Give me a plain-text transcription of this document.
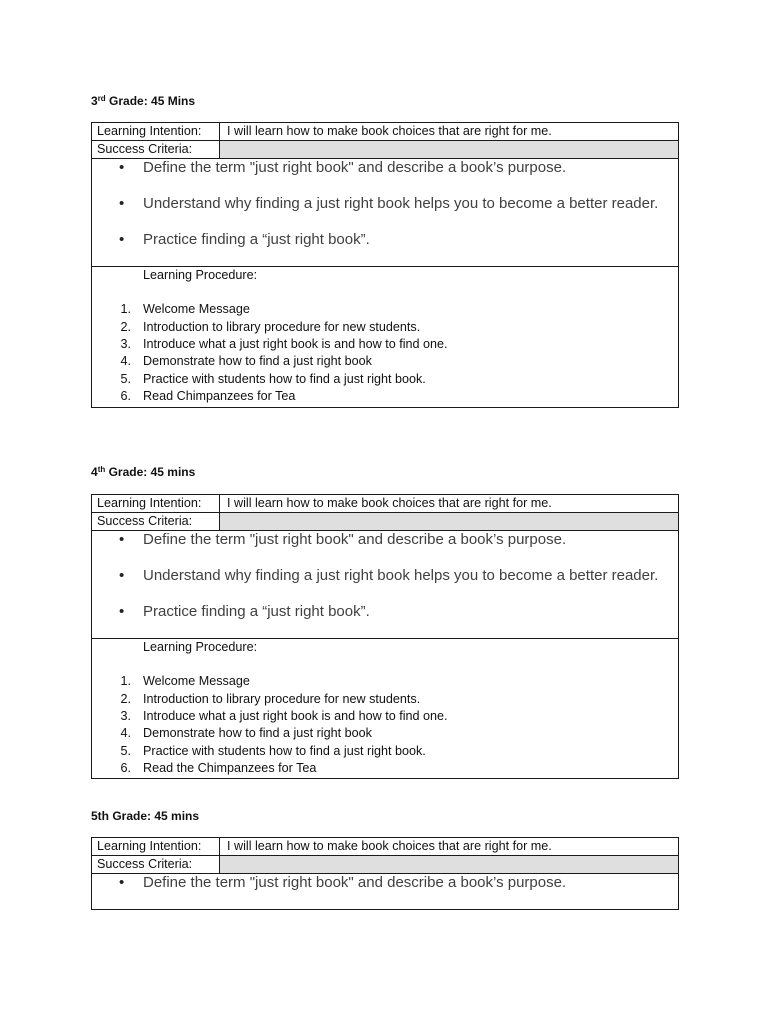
3rd Grade: 45 Mins
Learning Intention:	I will learn how to make book choices that are right for me.
Success Criteria:
• Define the term "just right book" and describe a book’s purpose.
• Understand why finding a just right book helps you to become a better reader.
• Practice finding a “just right book”.
Learning Procedure:
1. Welcome Message
2. Introduction to library procedure for new students.
3. Introduce what a just right book is and how to find one.
4. Demonstrate how to find a just right book
5. Practice with students how to find a just right book.
6. Read Chimpanzees for Tea
4th Grade: 45 mins
Learning Intention:	I will learn how to make book choices that are right for me.
Success Criteria:
• Define the term "just right book" and describe a book’s purpose.
• Understand why finding a just right book helps you to become a better reader.
• Practice finding a “just right book”.
Learning Procedure:
1. Welcome Message
2. Introduction to library procedure for new students.
3. Introduce what a just right book is and how to find one.
4. Demonstrate how to find a just right book
5. Practice with students how to find a just right book.
6. Read the Chimpanzees for Tea
5th Grade: 45 mins
Learning Intention:	I will learn how to make book choices that are right for me.
Success Criteria:
• Define the term "just right book" and describe a book’s purpose.
